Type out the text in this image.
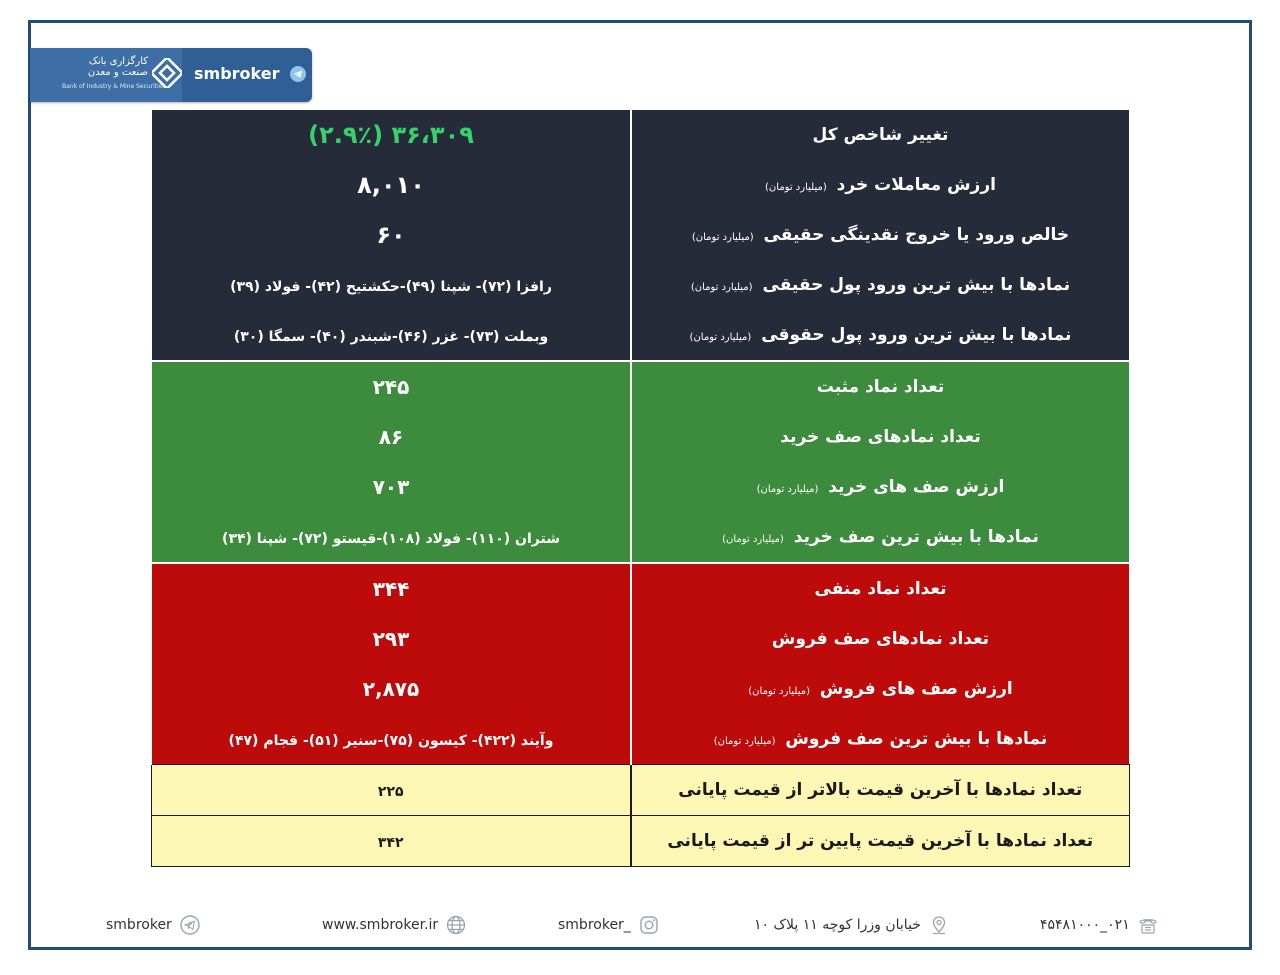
کارگزاری بانک
صنعت و معدن
Bank of Industry & Mine Securities
smbroker
۳۶،۳۰۹ (۲.۹٪)	تغییر شاخص کل
۸,۰۱۰	ارزش معاملات خرد (میلیارد تومان)
۶۰	خالص ورود یا خروج نقدینگی حقیقی (میلیارد تومان)
رافزا (۷۲)- شپنا (۴۹)-حکشتیح (۴۲)- فولاد (۳۹)	نمادها با بیش ترین ورود پول حقیقی (میلیارد تومان)
وبملت (۷۳)- غزر (۴۶)-شبندر (۴۰)- سمگا (۳۰)	نمادها با بیش ترین ورود پول حقوقی (میلیارد تومان)
۲۴۵	تعداد نماد مثبت
۸۶	تعداد نمادهای صف خرید
۷۰۳	ارزش صف های خرید (میلیارد تومان)
شتران (۱۱۰)- فولاد (۱۰۸)-قیستو (۷۲)- شپنا (۳۴)	نمادها با بیش ترین صف خرید (میلیارد تومان)
۳۴۴	تعداد نماد منفی
۲۹۳	تعداد نمادهای صف فروش
۲,۸۷۵	ارزش صف های فروش (میلیارد تومان)
وآیند (۴۲۲)- کیسون (۷۵)-سنیر (۵۱)- قجام (۴۷)	نمادها با بیش ترین صف فروش (میلیارد تومان)
۲۲۵	تعداد نمادها با آخرین قیمت بالاتر از قیمت پایانی
۳۴۲	تعداد نمادها با آخرین قیمت پایین تر از قیمت پایانی
smbroker	www.smbroker.ir	smbroker_	خیابان وزرا کوچه ۱۱ پلاک ۱۰	۰۲۱_۴۵۴۸۱۰۰۰
